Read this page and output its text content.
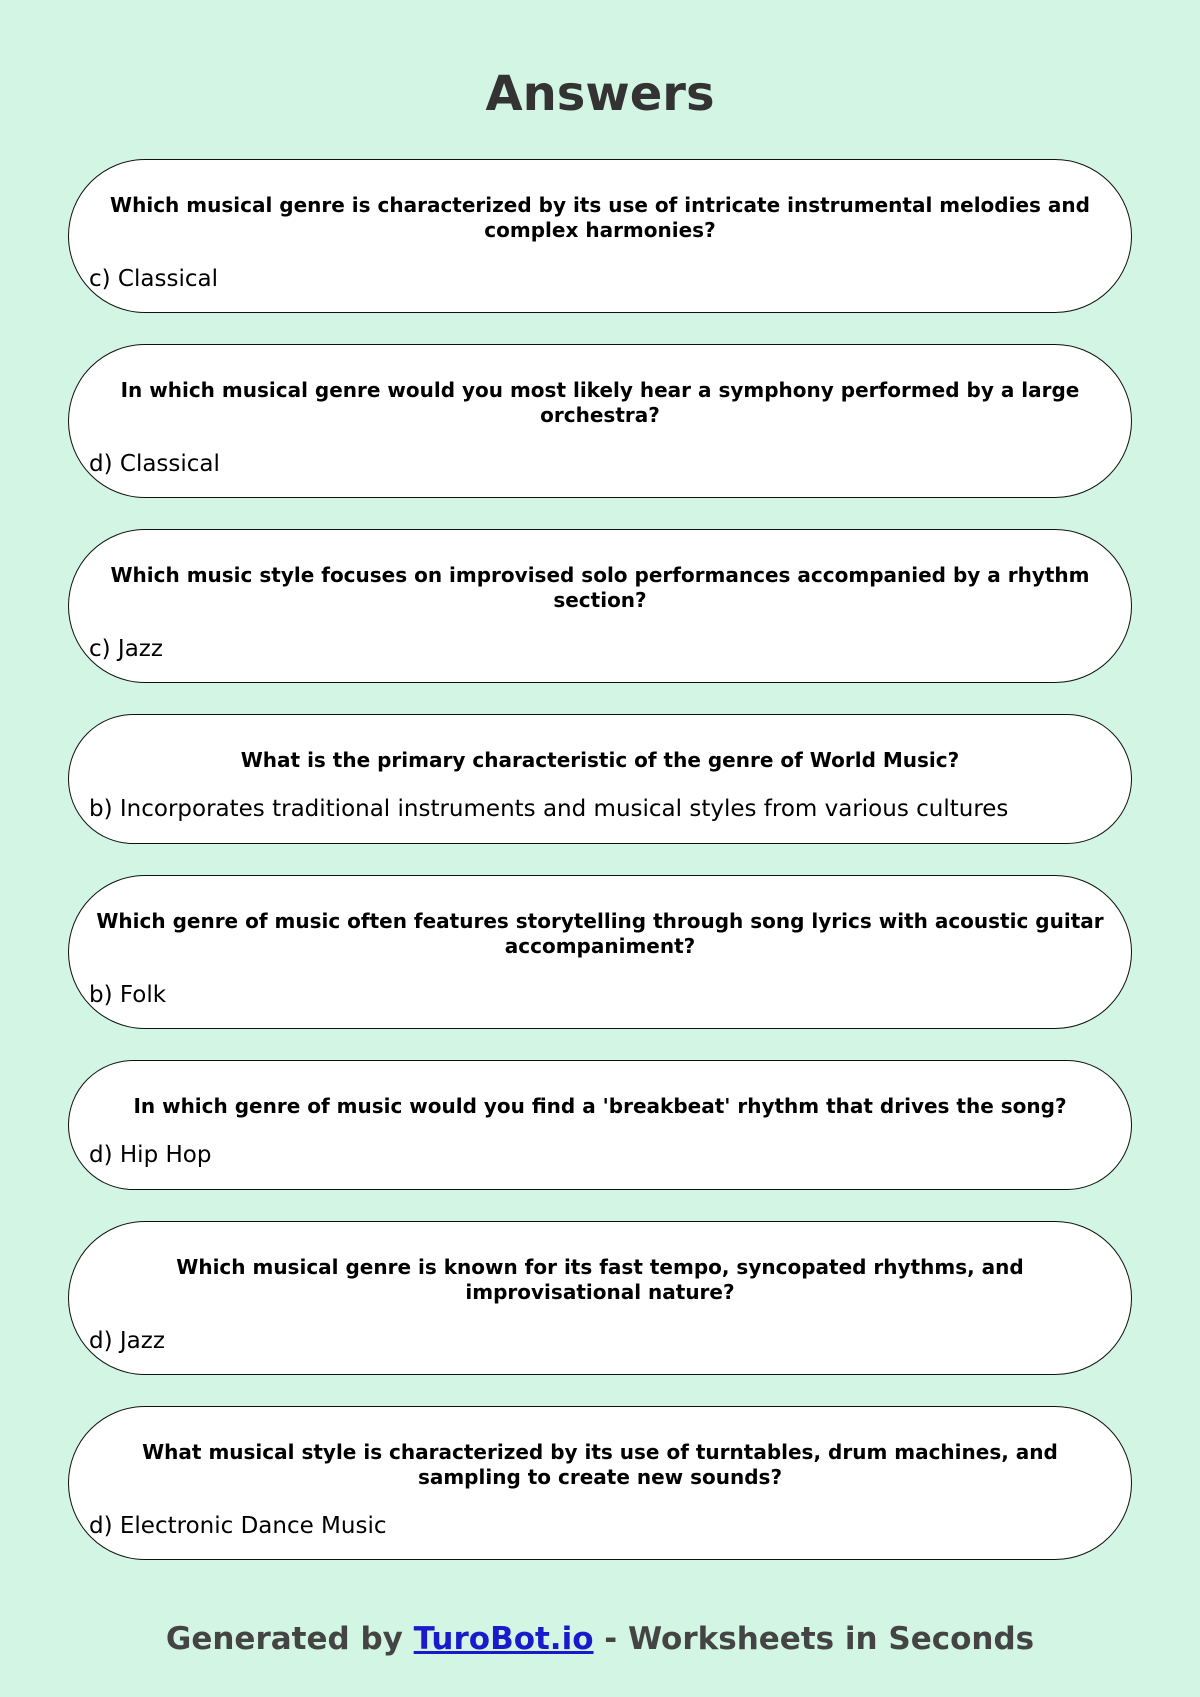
Answers
Which musical genre is characterized by its use of intricate instrumental melodies and complex harmonies?
c) Classical
In which musical genre would you most likely hear a symphony performed by a large orchestra?
d) Classical
Which music style focuses on improvised solo performances accompanied by a rhythm section?
c) Jazz
What is the primary characteristic of the genre of World Music?
b) Incorporates traditional instruments and musical styles from various cultures
Which genre of music often features storytelling through song lyrics with acoustic guitar accompaniment?
b) Folk
In which genre of music would you find a 'breakbeat' rhythm that drives the song?
d) Hip Hop
Which musical genre is known for its fast tempo, syncopated rhythms, and improvisational nature?
d) Jazz
What musical style is characterized by its use of turntables, drum machines, and sampling to create new sounds?
d) Electronic Dance Music
Generated by TuroBot.io - Worksheets in Seconds
